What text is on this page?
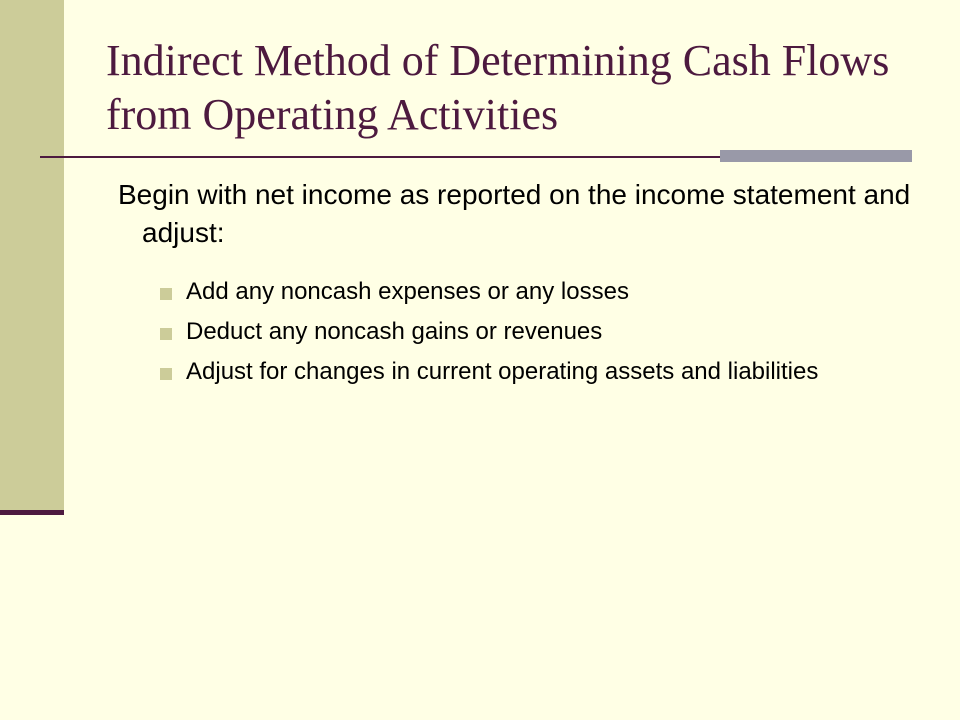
Indirect Method of Determining Cash Flows from Operating Activities

Begin with net income as reported on the income statement and adjust:

Add any noncash expenses or any losses
Deduct any noncash gains or revenues
Adjust for changes in current operating assets and liabilities
